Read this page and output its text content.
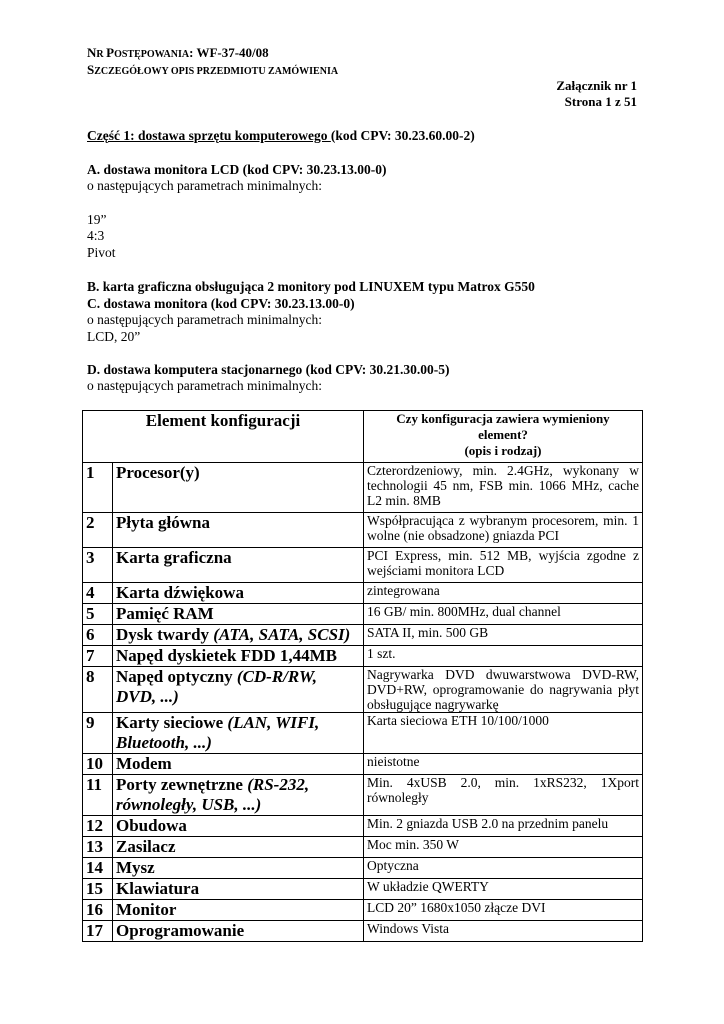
NR POSTĘPOWANIA: WF-37-40/08
SZCZEGÓŁOWY OPIS PRZEDMIOTU ZAMÓWIENIA
Załącznik nr 1
Strona 1 z 51
Część 1: dostawa sprzętu komputerowego (kod CPV: 30.23.60.00-2)
A. dostawa monitora LCD (kod CPV: 30.23.13.00-0)
o następujących parametrach minimalnych:
19”
4:3
Pivot
B. karta graficzna obsługująca 2 monitory pod LINUXEM typu Matrox G550
C. dostawa monitora (kod CPV: 30.23.13.00-0)
o następujących parametrach minimalnych:
LCD, 20”
D. dostawa komputera stacjonarnego (kod CPV: 30.21.30.00-5)
o następujących parametrach minimalnych:
Element konfiguracji		Czy konfiguracja zawiera wymieniony
element?
(opis i rodzaj)

1	Procesor(y)	Czterordzeniowy, min. 2.4GHz, wykonany w technologii 45 nm, FSB min. 1066 MHz, cache L2 min. 8MB
2	Płyta główna	Współpracująca z wybranym procesorem, min. 1 wolne (nie obsadzone) gniazda PCI
3	Karta graficzna	PCI Express, min. 512 MB, wyjścia zgodne z wejściami monitora LCD
4	Karta dźwiękowa	zintegrowana
5	Pamięć RAM	16 GB/ min. 800MHz, dual channel
6	Dysk twardy (ATA, SATA, SCSI)	SATA II, min. 500 GB
7	Napęd dyskietek FDD 1,44MB	1 szt.
8	Napęd optyczny (CD-R/RW, DVD, ...)	Nagrywarka DVD dwuwarstwowa DVD-RW, DVD+RW, oprogramowanie do nagrywania płyt obsługujące nagrywarkę
9	Karty sieciowe (LAN, WIFI, Bluetooth, ...)	Karta sieciowa ETH 10/100/1000
10	Modem	nieistotne
11	Porty zewnętrzne (RS-232, równoległy, USB, ...)	Min. 4xUSB 2.0, min. 1xRS232, 1Xport równoległy
12	Obudowa	Min. 2 gniazda USB 2.0 na przednim panelu
13	Zasilacz	Moc min. 350 W
14	Mysz	Optyczna
15	Klawiatura	W układzie QWERTY
16	Monitor	LCD 20” 1680x1050 złącze DVI
17	Oprogramowanie	Windows Vista
